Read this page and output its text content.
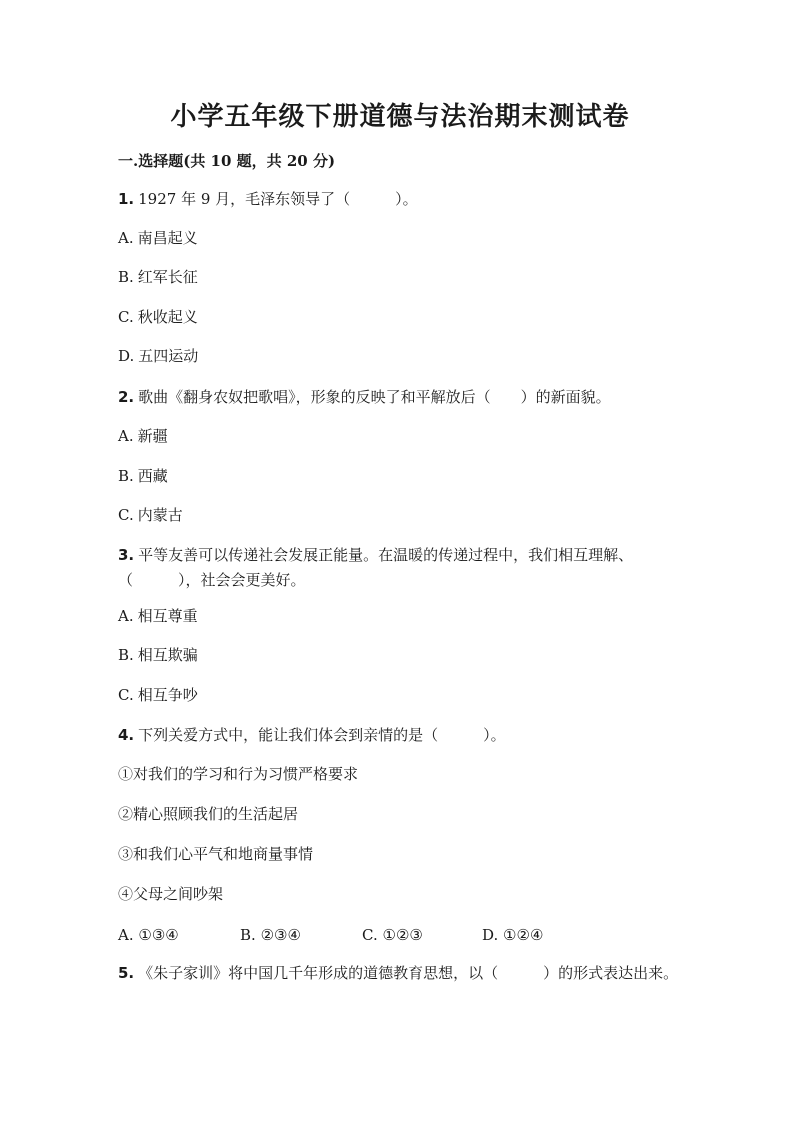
小学五年级下册道德与法治期末测试卷
一.选择题(共 10 题，共 20 分)
1. 1927 年 9 月，毛泽东领导了（　　　）。
A. 南昌起义
B. 红军长征
C. 秋收起义
D. 五四运动
2. 歌曲《翻身农奴把歌唱》，形象的反映了和平解放后（　　）的新面貌。
A. 新疆
B. 西藏
C. 内蒙古
3. 平等友善可以传递社会发展正能量。在温暖的传递过程中，我们相互理解、（　　　），社会会更美好。
A. 相互尊重
B. 相互欺骗
C. 相互争吵
4. 下列关爱方式中，能让我们体会到亲情的是（　　　）。
①对我们的学习和行为习惯严格要求
②精心照顾我们的生活起居
③和我们心平气和地商量事情
④父母之间吵架
A. ①③④	B. ②③④	C. ①②③	D. ①②④
5. 《朱子家训》将中国几千年形成的道德教育思想，以（　　　）的形式表达出来。
